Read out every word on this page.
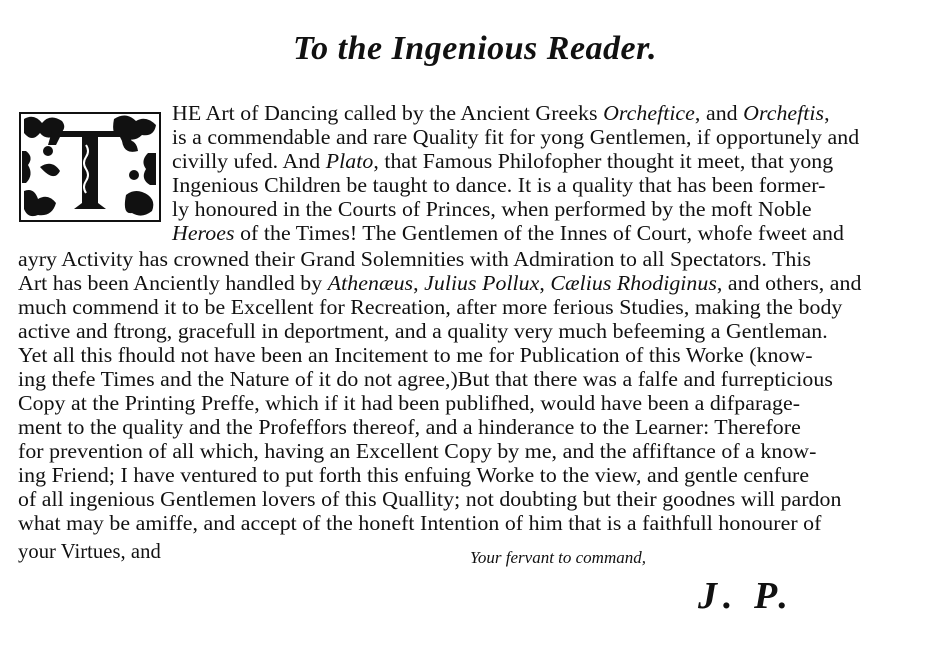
To the Ingenious Reader.
T	HE Art of Dancing called by the Ancient Greeks Orcheftice, and Orcheftis,
is a commendable and rare Quality fit for yong Gentlemen, if opportunely and
civilly ufed. And Plato, that Famous Philofopher thought it meet, that yong
Ingenious Children be taught to dance. It is a quality that has been former-
ly honoured in the Courts of Princes, when performed by the moft Noble
Heroes of the Times! The Gentlemen of the Innes of Court, whofe fweet and
ayry Activity has crowned their Grand Solemnities with Admiration to all Spectators. This
Art has been Anciently handled by Athenæus, Julius Pollux, Cælius Rhodiginus, and others, and
much commend it to be Excellent for Recreation, after more ferious Studies, making the body
active and ftrong, gracefull in deportment, and a quality very much befeeming a Gentleman.
Yet all this fhould not have been an Incitement to me for Publication of this Worke (know-
ing thefe Times and the Nature of it do not agree,)But that there was a falfe and furrepticious
Copy at the Printing Preffe, which if it had been publifhed, would have been a difparage-
ment to the quality and the Profeffors thereof, and a hinderance to the Learner: Therefore
for prevention of all which, having an Excellent Copy by me, and the affiftance of a know-
ing Friend; I have ventured to put forth this enfuing Worke to the view, and gentle cenfure
of all ingenious Gentlemen lovers of this Quallity; not doubting but their goodnes will pardon
what may be amiffe, and accept of the honeft Intention of him that is a faithfull honourer of
your Virtues, and	Your fervant to command,
J. P.
